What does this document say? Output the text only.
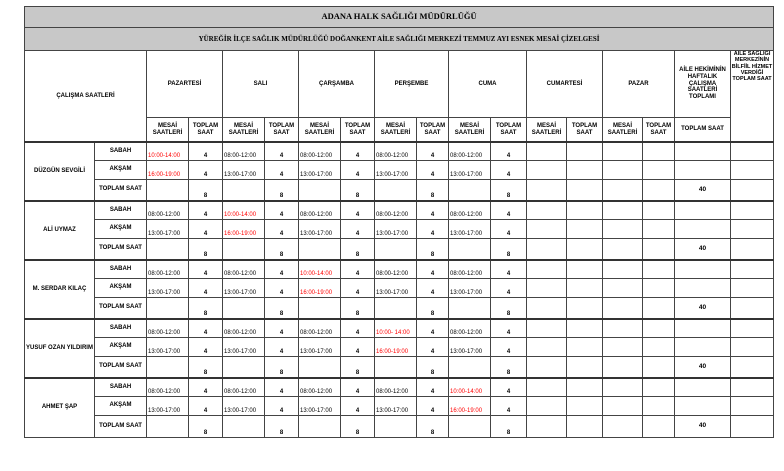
ADANA HALK SAĞLIĞI MÜDÜRLÜĞÜ																	
YÜREĞİR İLÇE SAĞLIK MÜDÜRLÜĞÜ DOĞANKENT AİLE SAĞLIĞI MERKEZİ TEMMUZ AYI ESNEK MESAİ ÇİZELGESİ																	
ÇALIŞMA SAATLERİ		PAZARTESİ		SALI		ÇARŞAMBA		PERŞEMBE		CUMA		CUMARTESİ		PAZAR		AİLE HEKİMİNİN HAFTALIK ÇALIŞMA SAATLERİ TOPLAMI	AİLE SAĞLIĞI MERKEZİNİN BİLFİİL HİZMET VERDİĞİ TOPLAM SAAT
		MESAİ SAATLERİ	TOPLAM SAAT	MESAİ SAATLERİ	TOPLAM SAAT	MESAİ SAATLERİ	TOPLAM SAAT	MESAİ SAATLERİ	TOPLAM SAAT	MESAİ SAATLERİ	TOPLAM SAAT	MESAİ SAATLERİ	TOPLAM SAAT	MESAİ SAATLERİ	TOPLAM SAAT	TOPLAM SAAT	
DÜZGÜN SEVGİLİ	SABAH	10:00-14:00	4	08:00-12:00	4	08:00-12:00	4	08:00-12:00	4	08:00-12:00	4						
	AKŞAM	16:00-19:00	4	13:00-17:00	4	13:00-17:00	4	13:00-17:00	4	13:00-17:00	4						
	TOPLAM SAAT		8		8		8		8		8					40	
ALİ UYMAZ	SABAH	08:00-12:00	4	10:00-14:00	4	08:00-12:00	4	08:00-12:00	4	08:00-12:00	4						
	AKŞAM	13:00-17:00	4	16:00-19:00	4	13:00-17:00	4	13:00-17:00	4	13:00-17:00	4						
	TOPLAM SAAT		8		8		8		8		8					40	
M. SERDAR KILAÇ	SABAH	08:00-12:00	4	08:00-12:00	4	10:00-14:00	4	08:00-12:00	4	08:00-12:00	4						
	AKŞAM	13:00-17:00	4	13:00-17:00	4	16:00-19:00	4	13:00-17:00	4	13:00-17:00	4						
	TOPLAM SAAT		8		8		8		8		8					40	
YUSUF OZAN YILDIRIM	SABAH	08:00-12:00	4	08:00-12:00	4	08:00-12:00	4	10:00- 14:00	4	08:00-12:00	4						
	AKŞAM	13:00-17:00	4	13:00-17:00	4	13:00-17:00	4	16:00-19:00	4	13:00-17:00	4						
	TOPLAM SAAT		8		8		8		8		8					40	
AHMET ŞAP	SABAH	08:00-12:00	4	08:00-12:00	4	08:00-12:00	4	08:00-12:00	4	10:00-14:00	4						
	AKŞAM	13:00-17:00	4	13:00-17:00	4	13:00-17:00	4	13:00-17:00	4	16:00-19:00	4						
	TOPLAM SAAT		8		8		8		8		8					40	
